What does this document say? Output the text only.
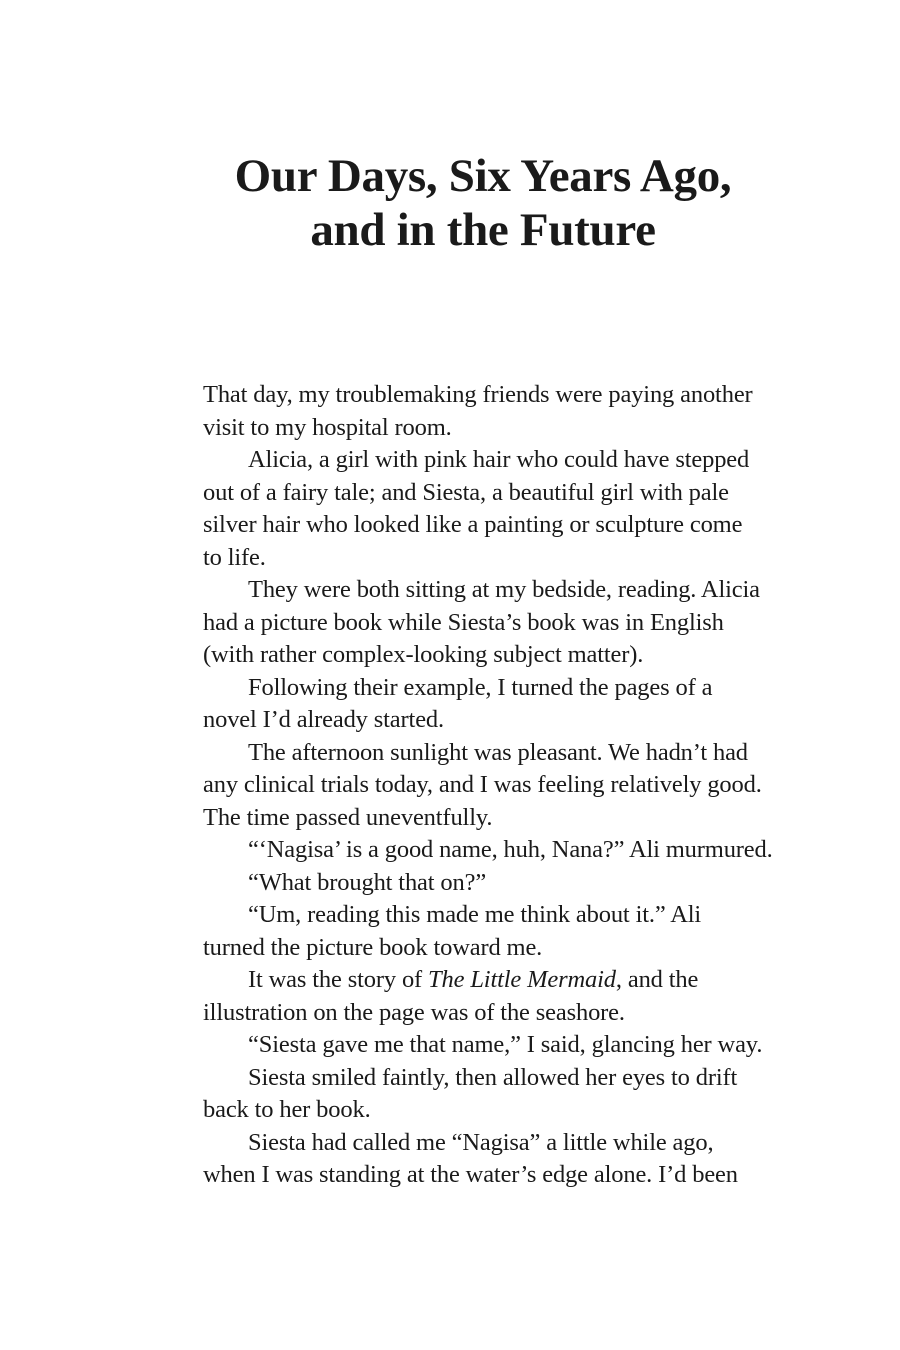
Our Days, Six Years Ago,
and in the Future
That day, my troublemaking friends were paying another
visit to my hospital room.
Alicia, a girl with pink hair who could have stepped
out of a fairy tale; and Siesta, a beautiful girl with pale
silver hair who looked like a painting or sculpture come
to life.
They were both sitting at my bedside, reading. Alicia
had a picture book while Siesta’s book was in English
(with rather complex-looking subject matter).
Following their example, I turned the pages of a
novel I’d already started.
The afternoon sunlight was pleasant. We hadn’t had
any clinical trials today, and I was feeling relatively good.
The time passed uneventfully.
“‘Nagisa’ is a good name, huh, Nana?” Ali murmured.
“What brought that on?”
“Um, reading this made me think about it.” Ali
turned the picture book toward me.
It was the story of The Little Mermaid, and the
illustration on the page was of the seashore.
“Siesta gave me that name,” I said, glancing her way.
Siesta smiled faintly, then allowed her eyes to drift
back to her book.
Siesta had called me “Nagisa” a little while ago,
when I was standing at the water’s edge alone. I’d been
